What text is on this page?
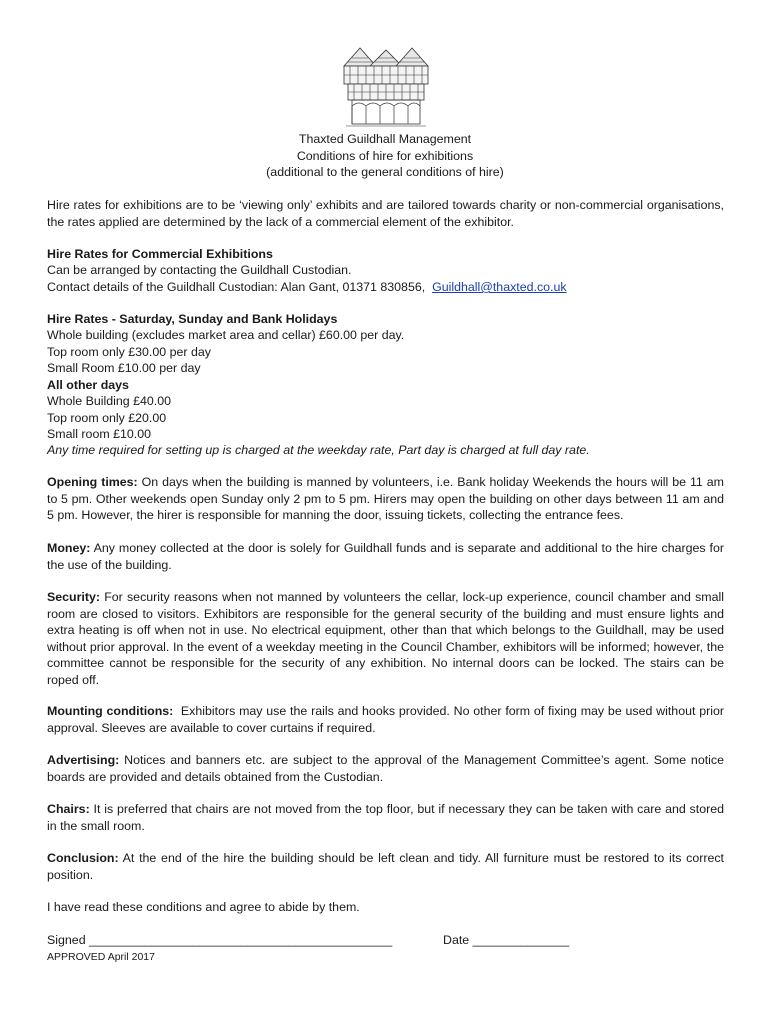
Thaxted Guildhall Management
Conditions of hire for exhibitions
(additional to the general conditions of hire)
Hire rates for exhibitions are to be ‘viewing only’ exhibits and are tailored towards charity or non-commercial organisations, the rates applied are determined by the lack of a commercial element of the exhibitor.
Hire Rates for Commercial Exhibitions
Can be arranged by contacting the Guildhall Custodian.
Contact details of the Guildhall Custodian: Alan Gant, 01371 830856, Guildhall@thaxted.co.uk
Hire Rates - Saturday, Sunday and Bank Holidays
Whole building (excludes market area and cellar) £60.00 per day.
Top room only £30.00 per day
Small Room £10.00 per day
All other days
Whole Building £40.00
Top room only £20.00
Small room £10.00
Any time required for setting up is charged at the weekday rate, Part day is charged at full day rate.
Opening times: On days when the building is manned by volunteers, i.e. Bank holiday Weekends the hours will be 11 am to 5 pm. Other weekends open Sunday only 2 pm to 5 pm. Hirers may open the building on other days between 11 am and 5 pm. However, the hirer is responsible for manning the door, issuing tickets, collecting the entrance fees.
Money: Any money collected at the door is solely for Guildhall funds and is separate and additional to the hire charges for the use of the building.
Security: For security reasons when not manned by volunteers the cellar, lock-up experience, council chamber and small room are closed to visitors. Exhibitors are responsible for the general security of the building and must ensure lights and extra heating is off when not in use. No electrical equipment, other than that which belongs to the Guildhall, may be used without prior approval. In the event of a weekday meeting in the Council Chamber, exhibitors will be informed; however, the committee cannot be responsible for the security of any exhibition. No internal doors can be locked. The stairs can be roped off.
Mounting conditions: Exhibitors may use the rails and hooks provided. No other form of fixing may be used without prior approval. Sleeves are available to cover curtains if required.
Advertising: Notices and banners etc. are subject to the approval of the Management Committee’s agent. Some notice boards are provided and details obtained from the Custodian.
Chairs: It is preferred that chairs are not moved from the top floor, but if necessary they can be taken with care and stored in the small room.
Conclusion: At the end of the hire the building should be left clean and tidy. All furniture must be restored to its correct position.
I have read these conditions and agree to abide by them.
Signed ____________________________________________	Date ______________
APPROVED April 2017
